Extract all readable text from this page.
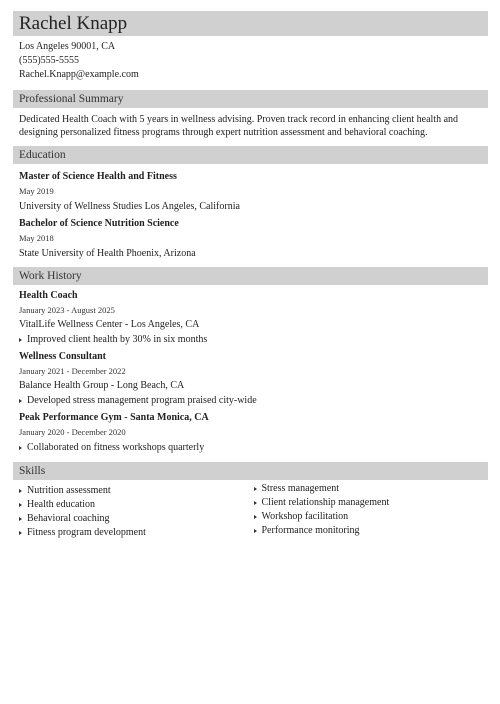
Rachel Knapp
Los Angeles 90001, CA
(555)555-5555
Rachel.Knapp@example.com
Professional Summary
Dedicated Health Coach with 5 years in wellness advising. Proven track record in enhancing client health and designing personalized fitness programs through expert nutrition assessment and behavioral coaching.
Education
Master of Science Health and Fitness
May 2019
University of Wellness Studies Los Angeles, California
Bachelor of Science Nutrition Science
May 2018
State University of Health Phoenix, Arizona
Work History
Health Coach
January 2023 - August 2025
VitalLife Wellness Center - Los Angeles, CA
Improved client health by 30% in six months
Wellness Consultant
January 2021 - December 2022
Balance Health Group - Long Beach, CA
Developed stress management program praised city-wide
Peak Performance Gym - Santa Monica, CA
January 2020 - December 2020
Collaborated on fitness workshops quarterly
Skills
Nutrition assessment
Health education
Behavioral coaching
Fitness program development
Stress management
Client relationship management
Workshop facilitation
Performance monitoring
